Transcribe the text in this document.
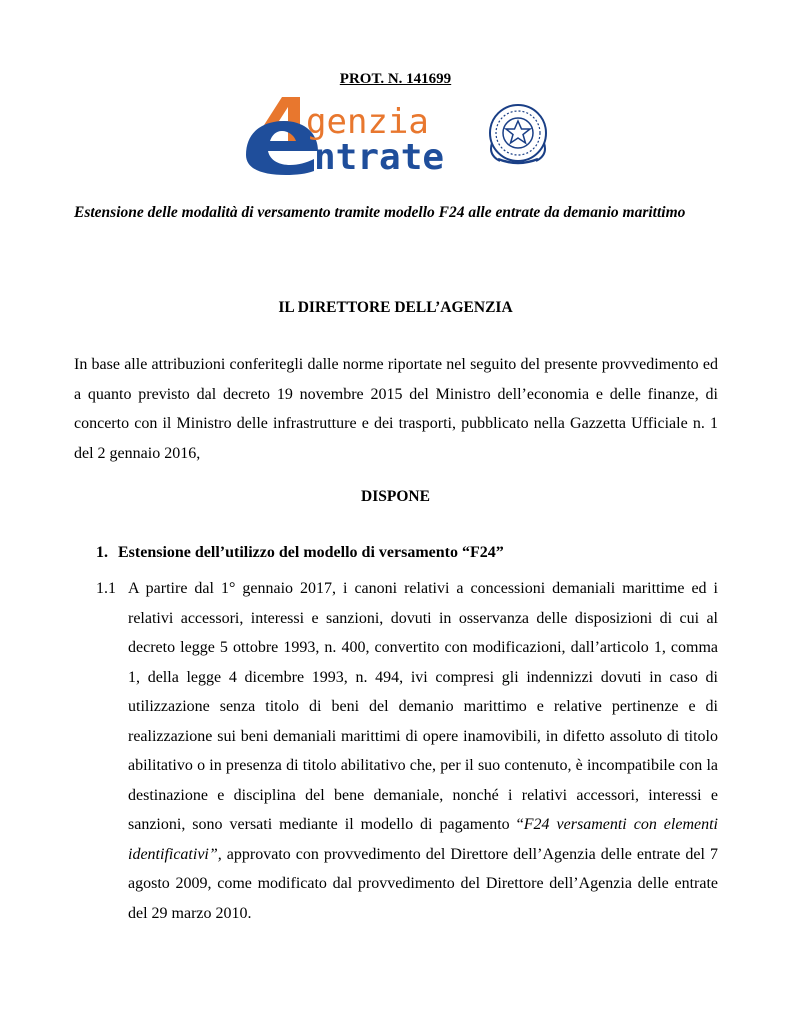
PROT. N. 141699
genzia
ntrate
Estensione delle modalità di versamento tramite modello F24 alle entrate da demanio marittimo
IL DIRETTORE DELL’AGENZIA

In base alle attribuzioni conferitegli dalle norme riportate nel seguito del presente provvedimento ed a quanto previsto dal decreto 19 novembre 2015 del Ministro dell’economia e delle finanze, di concerto con il Ministro delle infrastrutture e dei trasporti, pubblicato nella Gazzetta Ufficiale n. 1 del 2 gennaio 2016,

DISPONE
1. Estensione dell’utilizzo del modello di versamento “F24”
1.1 A partire dal 1° gennaio 2017, i canoni relativi a concessioni demaniali marittime ed i relativi accessori, interessi e sanzioni, dovuti in osservanza delle disposizioni di cui al decreto legge 5 ottobre 1993, n. 400, convertito con modificazioni, dall’articolo 1, comma 1, della legge 4 dicembre 1993, n. 494, ivi compresi gli indennizzi dovuti in caso di utilizzazione senza titolo di beni del demanio marittimo e relative pertinenze e di realizzazione sui beni demaniali marittimi di opere inamovibili, in difetto assoluto di titolo abilitativo o in presenza di titolo abilitativo che, per il suo contenuto, è incompatibile con la destinazione e disciplina del bene demaniale, nonché i relativi accessori, interessi e sanzioni, sono versati mediante il modello di pagamento “F24 versamenti con elementi identificativi”, approvato con provvedimento del Direttore dell’Agenzia delle entrate del 7 agosto 2009, come modificato dal provvedimento del Direttore dell’Agenzia delle entrate del 29 marzo 2010.
